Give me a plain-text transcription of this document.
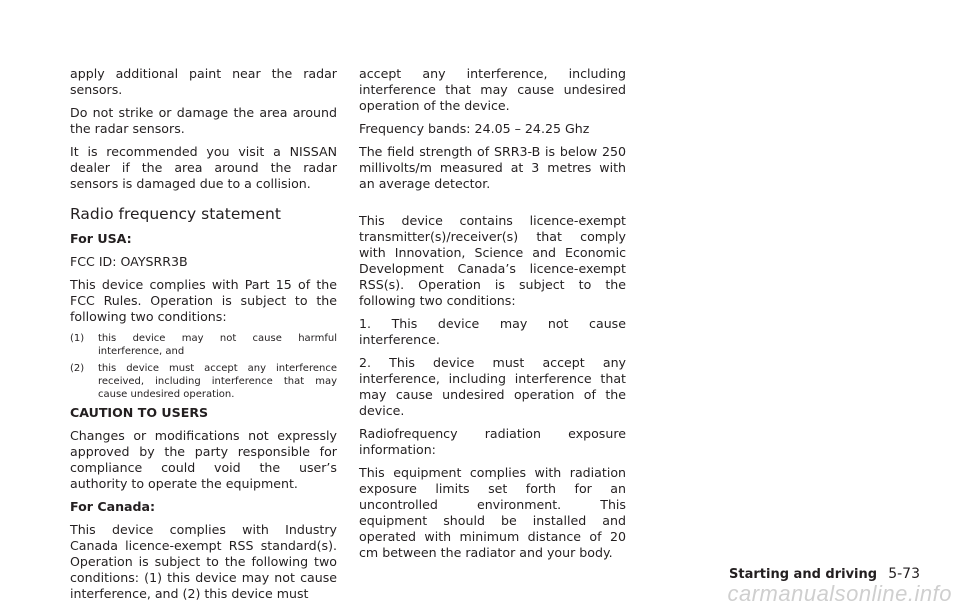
apply additional paint near the radar sensors.

Do not strike or damage the area around the radar sensors.

It is recommended you visit a NISSAN dealer if the area around the radar sensors is damaged due to a collision.

Radio frequency statement

For USA:

FCC ID: OAYSRR3B

This device complies with Part 15 of the FCC Rules. Operation is subject to the following two conditions:

(1)	this device may not cause harmful interference, and
(2)	this device must accept any interference received, including interference that may cause undesired operation.

CAUTION TO USERS

Changes or modifications not expressly approved by the party responsible for compliance could void the user’s authority to operate the equipment.

For Canada:

This device complies with Industry Canada licence-exempt RSS standard(s). Operation is subject to the following two conditions: (1) this device may not cause interference, and (2) this device must

accept any interference, including interference that may cause undesired operation of the device.

Frequency bands: 24.05 – 24.25 Ghz

The field strength of SRR3-B is below 250 millivolts/m measured at 3 metres with an average detector.

This device contains licence-exempt transmitter(s)/receiver(s) that comply with Innovation, Science and Economic Development Canada’s licence-exempt RSS(s). Operation is subject to the following two conditions:

1. This device may not cause interference.

2. This device must accept any interference, including interference that may cause undesired operation of the device.

Radiofrequency radiation exposure information:

This equipment complies with radiation exposure limits set forth for an uncontrolled environment. This equipment should be installed and operated with minimum distance of 20 cm between the radiator and your body.

Starting and driving 5-73
carmanualsonline.info
